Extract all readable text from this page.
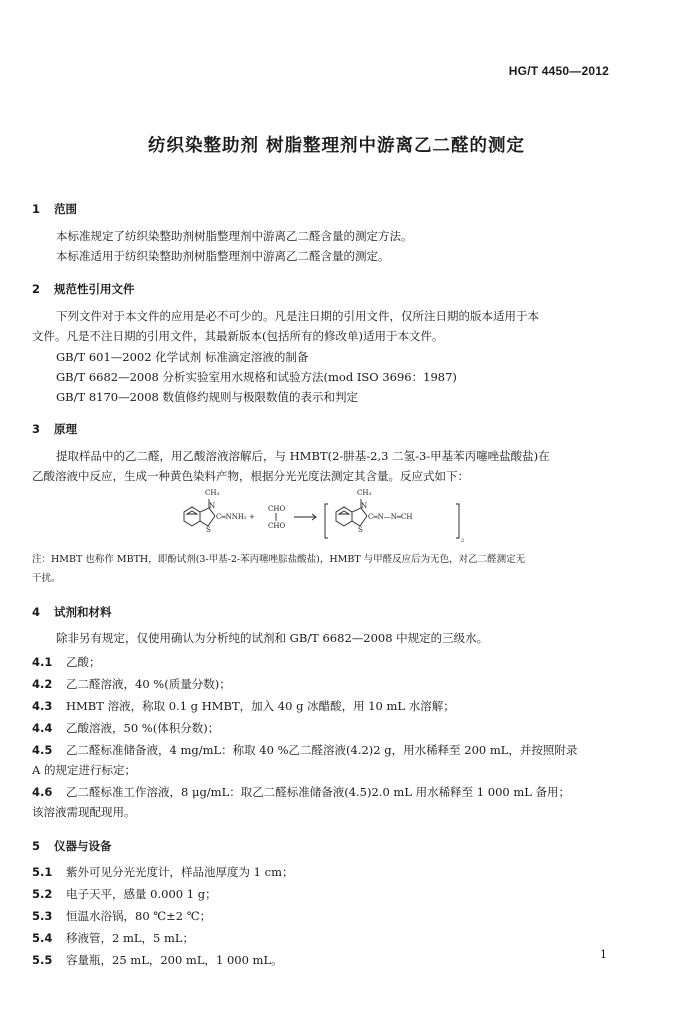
HG/T 4450—2012
纺织染整助剂 树脂整理剂中游离乙二醛的测定
1 范围
本标准规定了纺织染整助剂树脂整理剂中游离乙二醛含量的测定方法。
本标准适用于纺织染整助剂树脂整理剂中游离乙二醛含量的测定。
2 规范性引用文件
下列文件对于本文件的应用是必不可少的。凡是注日期的引用文件，仅所注日期的版本适用于本
文件。凡是不注日期的引用文件，其最新版本(包括所有的修改单)适用于本文件。
GB/T 601—2002 化学试剂 标准滴定溶液的制备
GB/T 6682—2008 分析实验室用水规格和试验方法(mod ISO 3696：1987)
GB/T 8170—2008 数值修约规则与极限数值的表示和判定
3 原理
提取样品中的乙二醛，用乙酸溶液溶解后，与 HMBT(2-肼基-2,3 二氢-3-甲基苯丙噻唑盐酸盐)在
乙酸溶液中反应，生成一种黄色染料产物，根据分光光度法测定其含量。反应式如下：
CH₃
N
S
C═NNH₂ +
CHO
CHO
CH₃
N
S
C═N—N═CH
2
注：HMBT 也称作 MBTH，即酚试剂(3-甲基-2-苯丙噻唑腙盐酸盐)，HMBT 与甲醛反应后为无色，对乙二醛测定无
干扰。
4 试剂和材料
除非另有规定，仅使用确认为分析纯的试剂和 GB/T 6682—2008 中规定的三级水。
4.1 乙酸；
4.2 乙二醛溶液，40 %(质量分数)；
4.3 HMBT 溶液，称取 0.1 g HMBT，加入 40 g 冰醋酸，用 10 mL 水溶解；
4.4 乙酸溶液，50 %(体积分数)；
4.5 乙二醛标准储备液，4 mg/mL：称取 40 %乙二醛溶液(4.2)2 g，用水稀释至 200 mL，并按照附录
A 的规定进行标定；
4.6 乙二醛标准工作溶液，8 μg/mL：取乙二醛标准储备液(4.5)2.0 mL 用水稀释至 1 000 mL 备用；
该溶液需现配现用。
5 仪器与设备
5.1 紫外可见分光光度计，样品池厚度为 1 cm；
5.2 电子天平，感量 0.000 1 g；
5.3 恒温水浴锅，80 ℃±2 ℃；
5.4 移液管，2 mL，5 mL；
5.5 容量瓶，25 mL，200 mL，1 000 mL。	1
